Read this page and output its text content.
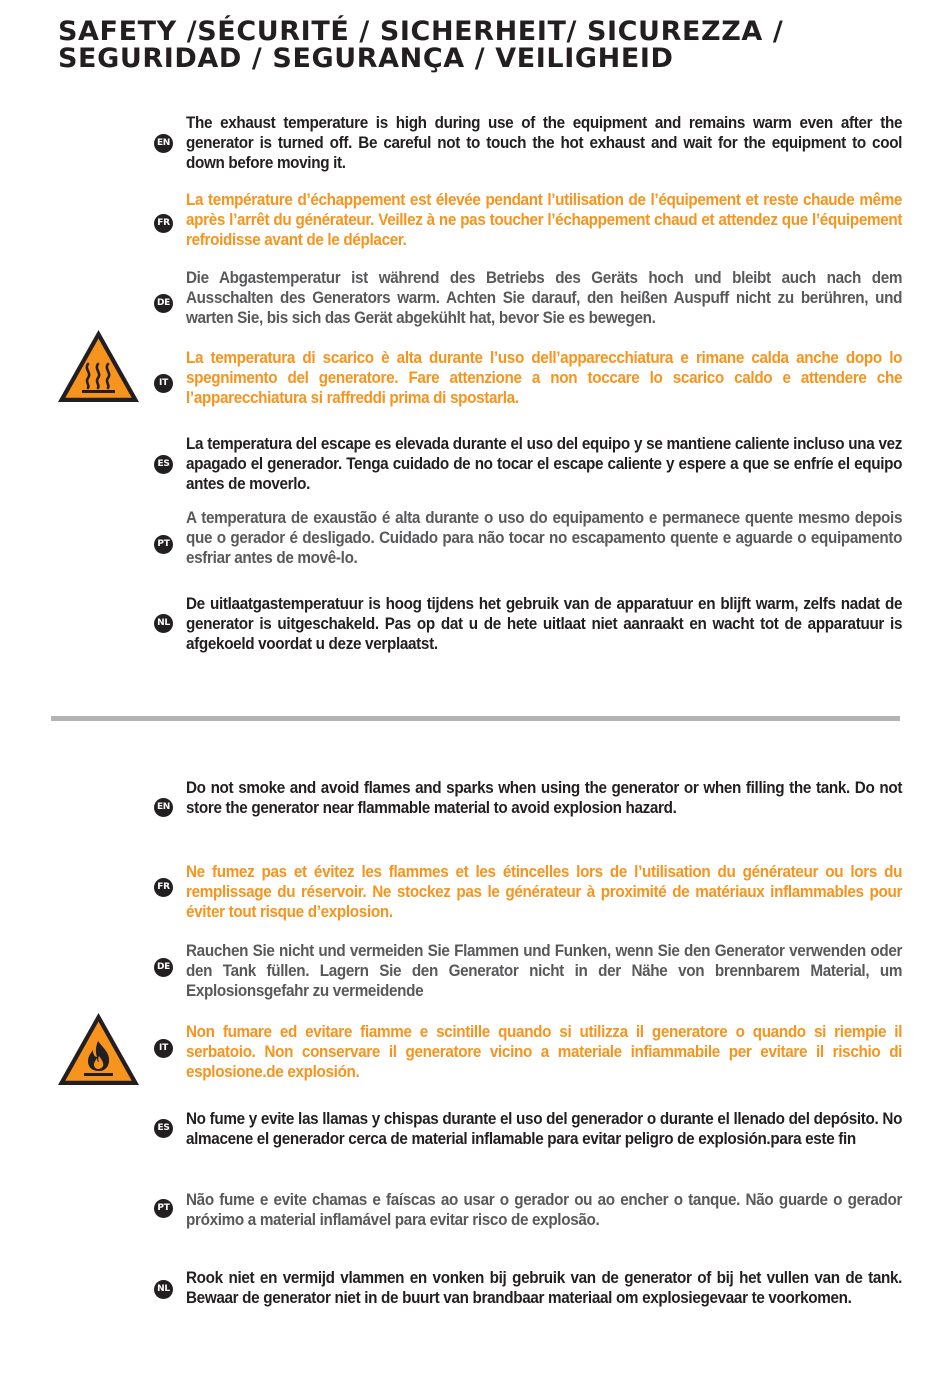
SAFETY /SÉCURITÉ / SICHERHEIT/ SICUREZZA /
SEGURIDAD / SEGURANÇA / VEILIGHEID
EN

The exhaust temperature is high during use of the equipment and remains warm even after the generator is turned off. Be careful not to touch the hot exhaust and wait for the equipment to cool down before moving it.

FR

La température d’échappement est élevée pendant l’utilisation de l’équipement et reste chaude même après l’arrêt du générateur. Veillez à ne pas toucher l’échappement chaud et attendez que l’équipement refroidisse avant de le déplacer.

DE

Die Abgastemperatur ist während des Betriebs des Geräts hoch und bleibt auch nach dem Ausschalten des Generators warm. Achten Sie darauf, den heißen Auspuff nicht zu berühren, und warten Sie, bis sich das Gerät abgekühlt hat, bevor Sie es bewegen.

IT

La temperatura di scarico è alta durante l’uso dell’apparecchiatura e rimane calda anche dopo lo spegnimento del generatore. Fare attenzione a non toccare lo scarico caldo e attendere che l’apparecchiatura si raffreddi prima di spostarla.

ES

La temperatura del escape es elevada durante el uso del equipo y se mantiene caliente incluso una vez apagado el generador. Tenga cuidado de no tocar el escape caliente y espere a que se enfríe el equipo antes de moverlo.

PT

A temperatura de exaustão é alta durante o uso do equipamento e permanece quente mesmo depois que o gerador é desligado. Cuidado para não tocar no escapamento quente e aguarde o equipamento esfriar antes de movê-lo.

NL

De uitlaatgastemperatuur is hoog tijdens het gebruik van de apparatuur en blijft warm, zelfs nadat de generator is uitgeschakeld. Pas op dat u de hete uitlaat niet aanraakt en wacht tot de apparatuur is afgekoeld voordat u deze verplaatst.

EN

Do not smoke and avoid flames and sparks when using the generator or when filling the tank. Do not store the generator near flammable material to avoid explosion hazard.

FR

Ne fumez pas et évitez les flammes et les étincelles lors de l’utilisation du générateur ou lors du remplissage du réservoir. Ne stockez pas le générateur à proximité de matériaux inflammables pour éviter tout risque d’explosion.

DE

Rauchen Sie nicht und vermeiden Sie Flammen und Funken, wenn Sie den Generator verwenden oder den Tank füllen. Lagern Sie den Generator nicht in der Nähe von brennbarem Material, um Explosionsgefahr zu vermeidende

IT

Non fumare ed evitare fiamme e scintille quando si utilizza il generatore o quando si riempie il serbatoio. Non conservare il generatore vicino a materiale infiammabile per evitare il rischio di esplosione.de explosión.

ES No fume y evite las llamas y chispas durante el uso del generador o durante el llenado del depósito. No almacene el generador cerca de material inflamable para evitar peligro de explosión.para este fin

PT Não fume e evite chamas e faíscas ao usar o gerador ou ao encher o tanque. Não guarde o gerador próximo a material inflamável para evitar risco de explosão.

NL

Rook niet en vermijd vlammen en vonken bij gebruik van de generator of bij het vullen van de tank. Bewaar de generator niet in de buurt van brandbaar materiaal om explosiegevaar te voorkomen.
